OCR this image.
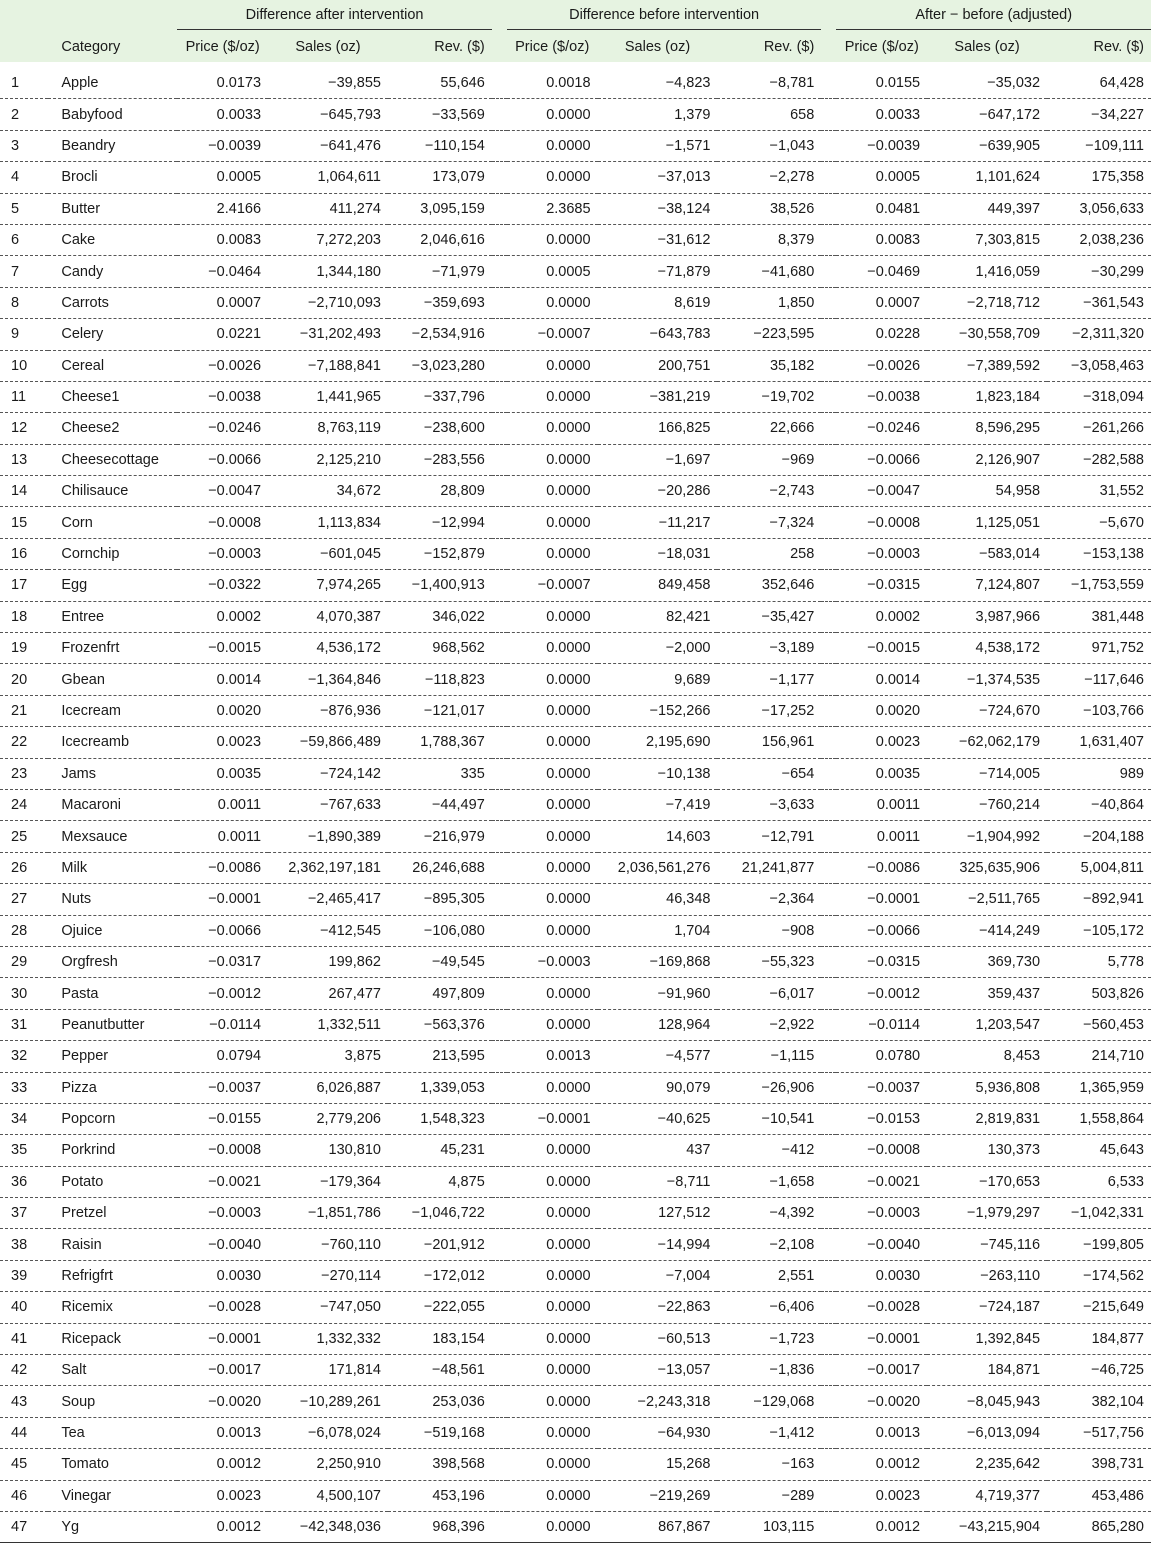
		Difference after intervention				Difference before intervention				After − before (adjusted)		

	Category	Price ($/oz)	Sales (oz)	Rev. ($)		Price ($/oz)	Sales (oz)	Rev. ($)		Price ($/oz)	Sales (oz)	Rev. ($)
1	Apple	0.0173	−39,855	55,646		0.0018	−4,823	−8,781		0.0155	−35,032	64,428
2	Babyfood	0.0033	−645,793	−33,569		0.0000	1,379	658		0.0033	−647,172	−34,227
3	Beandry	−0.0039	−641,476	−110,154		0.0000	−1,571	−1,043		−0.0039	−639,905	−109,111
4	Brocli	0.0005	1,064,611	173,079		0.0000	−37,013	−2,278		0.0005	1,101,624	175,358
5	Butter	2.4166	411,274	3,095,159		2.3685	−38,124	38,526		0.0481	449,397	3,056,633
6	Cake	0.0083	7,272,203	2,046,616		0.0000	−31,612	8,379		0.0083	7,303,815	2,038,236
7	Candy	−0.0464	1,344,180	−71,979		0.0005	−71,879	−41,680		−0.0469	1,416,059	−30,299
8	Carrots	0.0007	−2,710,093	−359,693		0.0000	8,619	1,850		0.0007	−2,718,712	−361,543
9	Celery	0.0221	−31,202,493	−2,534,916		−0.0007	−643,783	−223,595		0.0228	−30,558,709	−2,311,320
10	Cereal	−0.0026	−7,188,841	−3,023,280		0.0000	200,751	35,182		−0.0026	−7,389,592	−3,058,463
11	Cheese1	−0.0038	1,441,965	−337,796		0.0000	−381,219	−19,702		−0.0038	1,823,184	−318,094
12	Cheese2	−0.0246	8,763,119	−238,600		0.0000	166,825	22,666		−0.0246	8,596,295	−261,266
13	Cheesecottage	−0.0066	2,125,210	−283,556		0.0000	−1,697	−969		−0.0066	2,126,907	−282,588
14	Chilisauce	−0.0047	34,672	28,809		0.0000	−20,286	−2,743		−0.0047	54,958	31,552
15	Corn	−0.0008	1,113,834	−12,994		0.0000	−11,217	−7,324		−0.0008	1,125,051	−5,670
16	Cornchip	−0.0003	−601,045	−152,879		0.0000	−18,031	258		−0.0003	−583,014	−153,138
17	Egg	−0.0322	7,974,265	−1,400,913		−0.0007	849,458	352,646		−0.0315	7,124,807	−1,753,559
18	Entree	0.0002	4,070,387	346,022		0.0000	82,421	−35,427		0.0002	3,987,966	381,448
19	Frozenfrt	−0.0015	4,536,172	968,562		0.0000	−2,000	−3,189		−0.0015	4,538,172	971,752
20	Gbean	0.0014	−1,364,846	−118,823		0.0000	9,689	−1,177		0.0014	−1,374,535	−117,646
21	Icecream	0.0020	−876,936	−121,017		0.0000	−152,266	−17,252		0.0020	−724,670	−103,766
22	Icecreamb	0.0023	−59,866,489	1,788,367		0.0000	2,195,690	156,961		0.0023	−62,062,179	1,631,407
23	Jams	0.0035	−724,142	335		0.0000	−10,138	−654		0.0035	−714,005	989
24	Macaroni	0.0011	−767,633	−44,497		0.0000	−7,419	−3,633		0.0011	−760,214	−40,864
25	Mexsauce	0.0011	−1,890,389	−216,979		0.0000	14,603	−12,791		0.0011	−1,904,992	−204,188
26	Milk	−0.0086	2,362,197,181	26,246,688		0.0000	2,036,561,276	21,241,877		−0.0086	325,635,906	5,004,811
27	Nuts	−0.0001	−2,465,417	−895,305		0.0000	46,348	−2,364		−0.0001	−2,511,765	−892,941
28	Ojuice	−0.0066	−412,545	−106,080		0.0000	1,704	−908		−0.0066	−414,249	−105,172
29	Orgfresh	−0.0317	199,862	−49,545		−0.0003	−169,868	−55,323		−0.0315	369,730	5,778
30	Pasta	−0.0012	267,477	497,809		0.0000	−91,960	−6,017		−0.0012	359,437	503,826
31	Peanutbutter	−0.0114	1,332,511	−563,376		0.0000	128,964	−2,922		−0.0114	1,203,547	−560,453
32	Pepper	0.0794	3,875	213,595		0.0013	−4,577	−1,115		0.0780	8,453	214,710
33	Pizza	−0.0037	6,026,887	1,339,053		0.0000	90,079	−26,906		−0.0037	5,936,808	1,365,959
34	Popcorn	−0.0155	2,779,206	1,548,323		−0.0001	−40,625	−10,541		−0.0153	2,819,831	1,558,864
35	Porkrind	−0.0008	130,810	45,231		0.0000	437	−412		−0.0008	130,373	45,643
36	Potato	−0.0021	−179,364	4,875		0.0000	−8,711	−1,658		−0.0021	−170,653	6,533
37	Pretzel	−0.0003	−1,851,786	−1,046,722		0.0000	127,512	−4,392		−0.0003	−1,979,297	−1,042,331
38	Raisin	−0.0040	−760,110	−201,912		0.0000	−14,994	−2,108		−0.0040	−745,116	−199,805
39	Refrigfrt	0.0030	−270,114	−172,012		0.0000	−7,004	2,551		0.0030	−263,110	−174,562
40	Ricemix	−0.0028	−747,050	−222,055		0.0000	−22,863	−6,406		−0.0028	−724,187	−215,649
41	Ricepack	−0.0001	1,332,332	183,154		0.0000	−60,513	−1,723		−0.0001	1,392,845	184,877
42	Salt	−0.0017	171,814	−48,561		0.0000	−13,057	−1,836		−0.0017	184,871	−46,725
43	Soup	−0.0020	−10,289,261	253,036		0.0000	−2,243,318	−129,068		−0.0020	−8,045,943	382,104
44	Tea	0.0013	−6,078,024	−519,168		0.0000	−64,930	−1,412		0.0013	−6,013,094	−517,756
45	Tomato	0.0012	2,250,910	398,568		0.0000	15,268	−163		0.0012	2,235,642	398,731
46	Vinegar	0.0023	4,500,107	453,196		0.0000	−219,269	−289		0.0023	4,719,377	453,486
47	Yg	0.0012	−42,348,036	968,396		0.0000	867,867	103,115		0.0012	−43,215,904	865,280
